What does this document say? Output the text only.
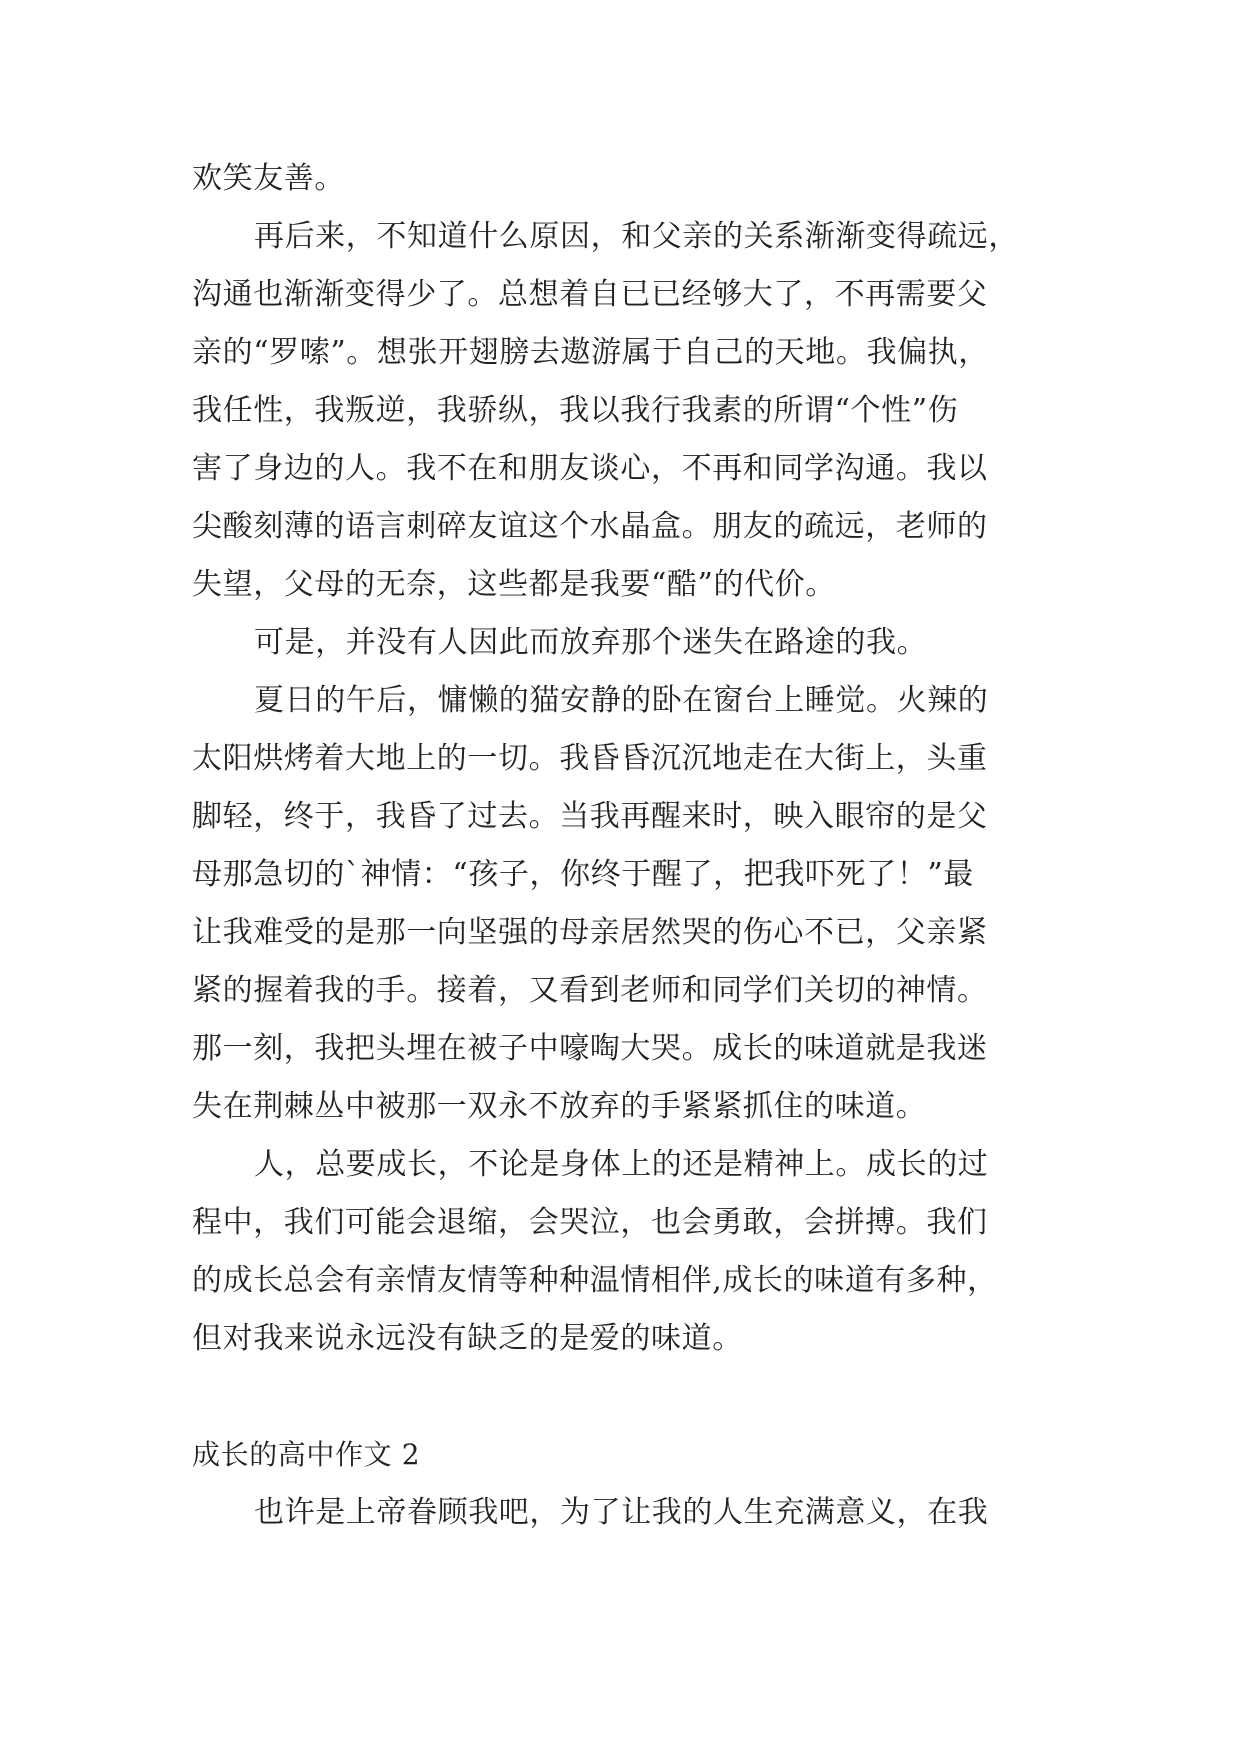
欢笑友善。
再后来，不知道什么原因，和父亲的关系渐渐变得疏远，
沟通也渐渐变得少了。总想着自已已经够大了，不再需要父
亲的“罗嗦”。想张开翅膀去遨游属于自己的天地。我偏执，
我任性，我叛逆，我骄纵，我以我行我素的所谓“个性”伤
害了身边的人。我不在和朋友谈心，不再和同学沟通。我以
尖酸刻薄的语言刺碎友谊这个水晶盒。朋友的疏远，老师的
失望，父母的无奈，这些都是我要“酷”的代价。
可是，并没有人因此而放弃那个迷失在路途的我。
夏日的午后，慵懒的猫安静的卧在窗台上睡觉。火辣的
太阳烘烤着大地上的一切。我昏昏沉沉地走在大街上，头重
脚轻，终于，我昏了过去。当我再醒来时，映入眼帘的是父
母那急切的`神情：“孩子，你终于醒了，把我吓死了！”最
让我难受的是那一向坚强的母亲居然哭的伤心不已，父亲紧
紧的握着我的手。接着，又看到老师和同学们关切的神情。
那一刻，我把头埋在被子中嚎啕大哭。成长的味道就是我迷
失在荆棘丛中被那一双永不放弃的手紧紧抓住的味道。
人，总要成长，不论是身体上的还是精神上。成长的过
程中，我们可能会退缩，会哭泣，也会勇敢，会拼搏。我们
的成长总会有亲情友情等种种温情相伴,成长的味道有多种，
但对我来说永远没有缺乏的是爱的味道。
成长的高中作文 2
也许是上帝眷顾我吧，为了让我的人生充满意义，在我
